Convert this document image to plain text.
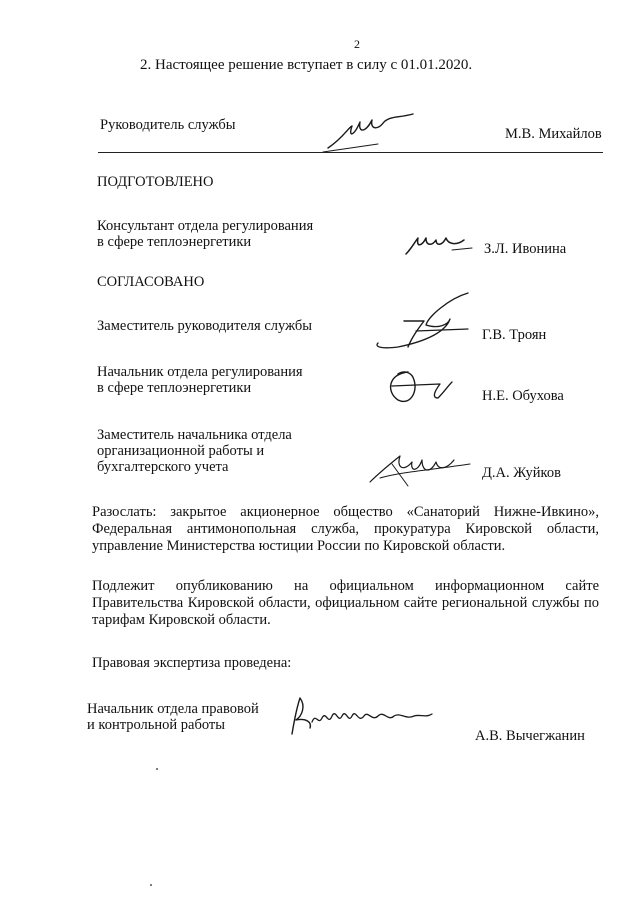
2
2. Настоящее решение вступает в силу с 01.01.2020.
Руководитель службы
М.В. Михайлов
ПОДГОТОВЛЕНО
Консультант отдела регулирования
в сфере теплоэнергетики	З.Л. Ивонина
СОГЛАСОВАНО
Заместитель руководителя службы
Г.В. Троян
Начальник отдела регулирования
в сфере теплоэнергетики	Н.Е. Обухова
Заместитель начальника отдела
организационной работы и
бухгалтерского учета	Д.А. Жуйков
Разослать: закрытое акционерное общество «Санаторий Нижне-Ивкино», Федеральная антимонопольная служба, прокуратура Кировской области, управление Министерства юстиции России по Кировской области.
Подлежит опубликованию на официальном информационном сайте Правительства Кировской области, официальном сайте региональной службы по тарифам Кировской области.
Правовая экспертиза проведена:
Начальник отдела правовой
и контрольной работы
А.В. Вычегжанин
